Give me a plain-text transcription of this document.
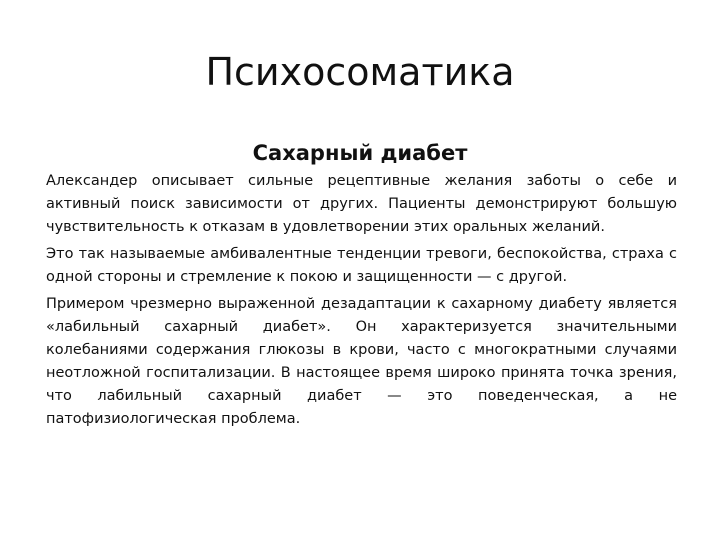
Психосоматика
Сахарный диабет

Александер описывает сильные рецептивные желания заботы о себе и активный поиск зависимости от других. Пациенты демонстрируют большую чувствительность к отказам в удовлетворении этих оральных желаний.

Это так называемые амбивалентные тенденции тревоги, беспокойства, страха с одной стороны и стремление к покою и защищенности — с другой.

Примером чрезмерно выраженной дезадаптации к сахарному диабету является «лабильный сахарный диабет». Он характеризуется значительными колебаниями содержания глюкозы в крови, часто с многократными случаями неотложной госпитализации. В настоящее время широко принята точка зрения, что лабильный сахарный диабет — это поведенческая, а не патофизиологическая проблема.
